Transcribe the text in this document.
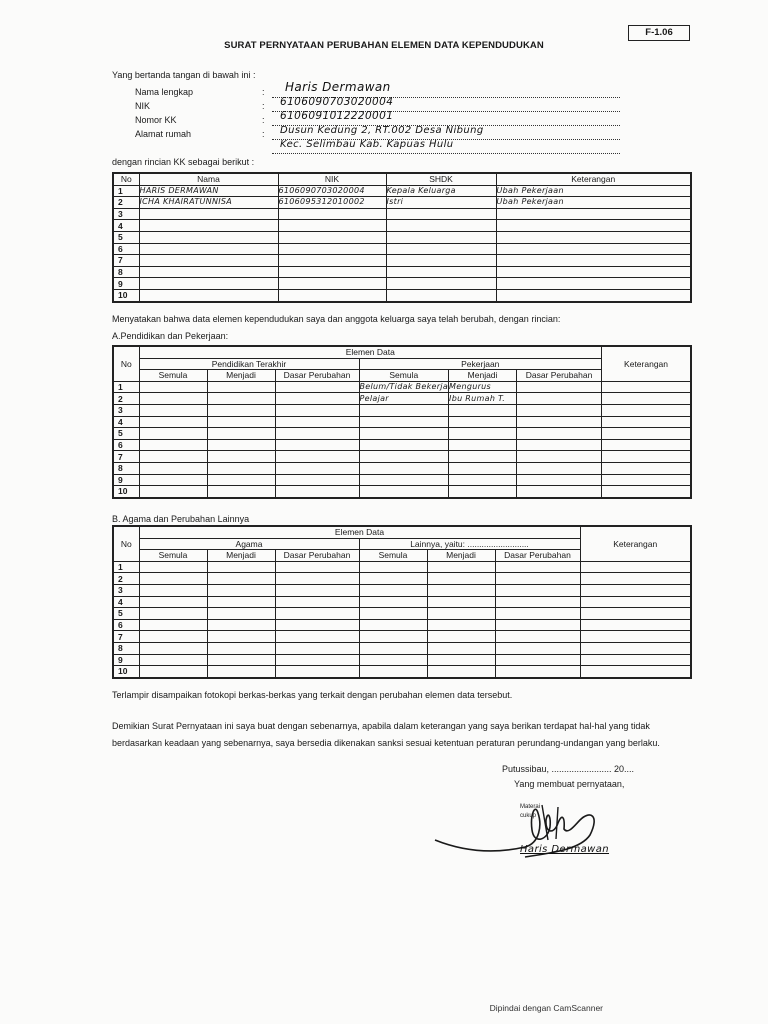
F-1.06
SURAT PERNYATAAN PERUBAHAN ELEMEN DATA KEPENDUDUKAN
Yang bertanda tangan di bawah ini :
Nama lengkap	: Haris Dermawan
NIK	: 6106090703020004
Nomor KK	: 6106091012220001
Alamat rumah	: Dusun Kedung 2, RT.002 Desa Nibung
Kec. Selimbau Kab. Kapuas Hulu
dengan rincian KK sebagai berikut :
No	Nama	NIK	SHDK	Keterangan
1	HARIS DERMAWAN	6106090703020004	Kepala Keluarga	Ubah Pekerjaan
2	ICHA KHAIRATUNNISA	6106095312010002	Istri	Ubah Pekerjaan
3				
4				
5				
6				
7				
8				
9				
10				
Menyatakan bahwa data elemen kependudukan saya dan anggota keluarga saya telah berubah, dengan rincian:
A.Pendidikan dan Pekerjaan:
No	Elemen Data						Keterangan
	Pendidikan Terakhir			Pekerjaan			
	Semula	Menjadi	Dasar Perubahan	Semula	Menjadi	Dasar Perubahan	
1				Belum/Tidak Bekerja	Mengurus		
2				Pelajar	Ibu Rumah T.		
3							
4							
5							
6							
7							
8							
9							
10							
B. Agama dan Perubahan Lainnya
No	Elemen Data						Keterangan
	Agama			Lainnya, yaitu: ..........................			
	Semula	Menjadi	Dasar Perubahan	Semula	Menjadi	Dasar Perubahan	
1							
2							
3							
4							
5							
6							
7							
8							
9							
10							
Terlampir disampaikan fotokopi berkas-berkas yang terkait dengan perubahan elemen data tersebut.
Demikian Surat Pernyataan ini saya buat dengan sebenarnya, apabila dalam keterangan yang saya berikan terdapat hal-hal yang tidak
berdasarkan keadaan yang sebenarnya, saya bersedia dikenakan sanksi sesuai ketentuan peraturan perundang-undangan yang berlaku.
Putussibau, ........................ 20....
Yang membuat pernyataan,
Materai
cukup
Haris Dermawan
Dipindai dengan CamScanner
